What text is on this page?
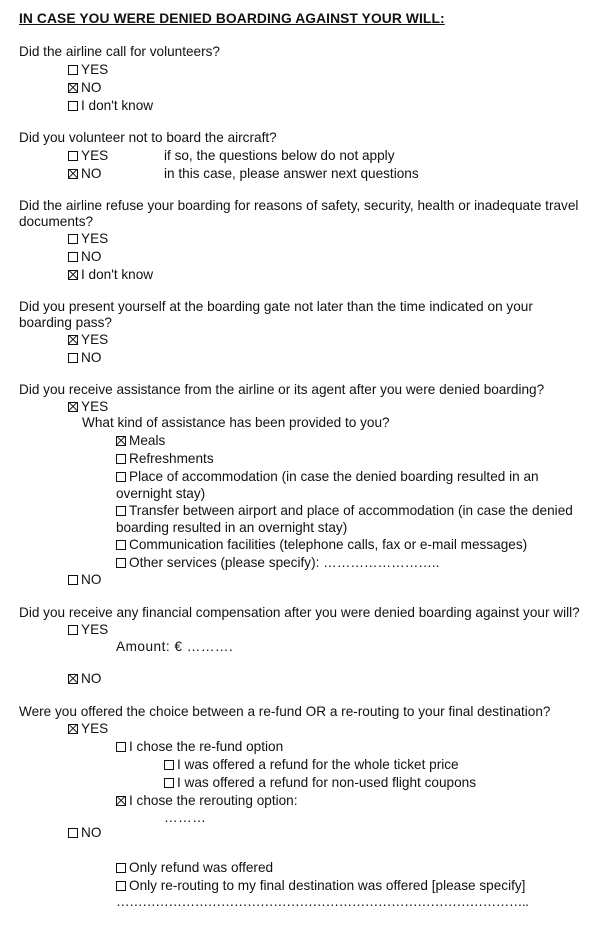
IN CASE YOU WERE DENIED BOARDING AGAINST YOUR WILL:
Did the airline call for volunteers?
YES
NO
I don't know
Did you volunteer not to board the aircraft?
YES	if so, the questions below do not apply
NO	in this case, please answer next questions
Did the airline refuse your boarding for reasons of safety, security, health or inadequate travel
documents?
YES
NO
I don't know
Did you present yourself at the boarding gate not later than the time indicated on your
boarding pass?
YES
NO
Did you receive assistance from the airline or its agent after you were denied boarding?
YES
What kind of assistance has been provided to you?
Meals
Refreshments
Place of accommodation (in case the denied boarding resulted in an
overnight stay)
Transfer between airport and place of accommodation (in case the denied
boarding resulted in an overnight stay)
Communication facilities (telephone calls, fax or e-mail messages)
Other services (please specify): ……………………..
NO
Did you receive any financial compensation after you were denied boarding against your will?
YES
Amount: € ……….
NO
Were you offered the choice between a re-fund OR a re-routing to your final destination?
YES
I chose the re-fund option
I was offered a refund for the whole ticket price
I was offered a refund for non-used flight coupons
I chose the rerouting option:
………
NO
Only refund was offered
Only re-routing to my final destination was offered [please specify]
…………………………………………………………………………………..
